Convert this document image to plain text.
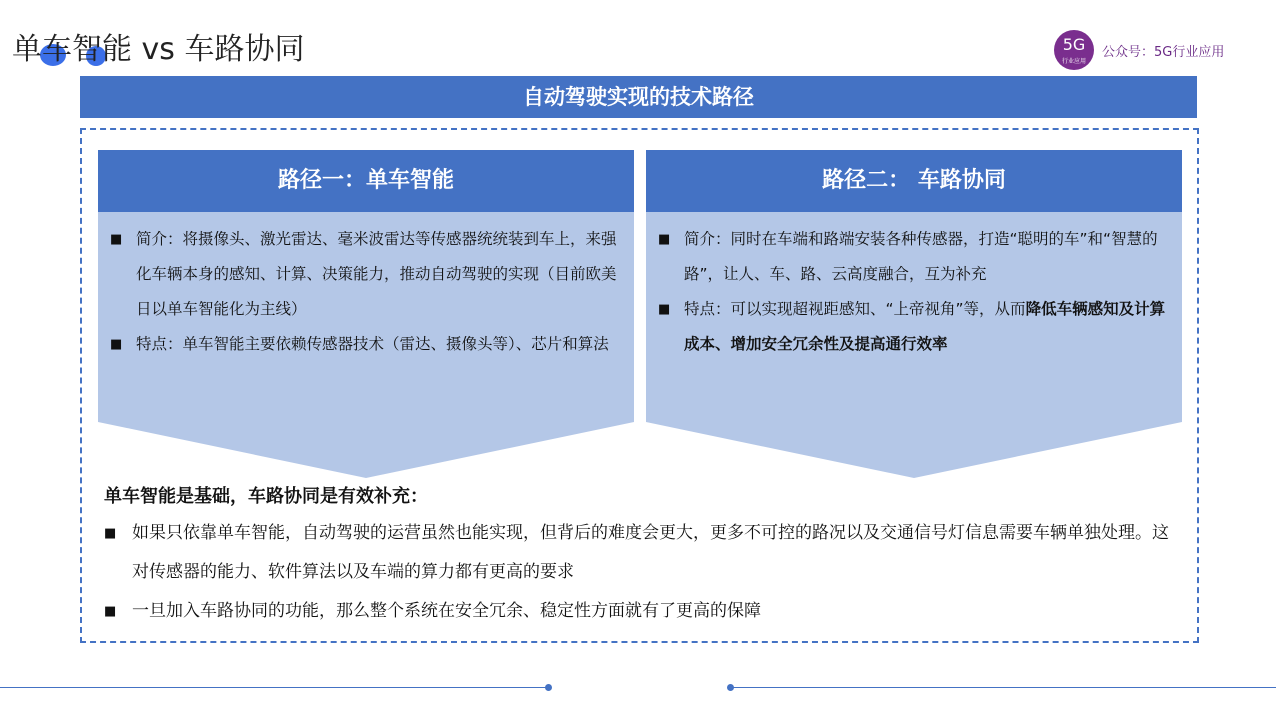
单车智能 vs 车路协同	5G
行业应用
公众号：5G行业应用
自动驾驶实现的技术路径
路径一：单车智能
■ 简介：将摄像头、激光雷达、毫米波雷达等传感器统统装到车上，来强化车辆本身的感知、计算、决策能力，推动自动驾驶的实现（目前欧美日以单车智能化为主线）
■ 特点：单车智能主要依赖传感器技术（雷达、摄像头等）、芯片和算法
路径二： 车路协同
■ 简介：同时在车端和路端安装各种传感器，打造“聪明的车”和“智慧的路”，让人、车、路、云高度融合，互为补充
■ 特点：可以实现超视距感知、“上帝视角”等，从而降低车辆感知及计算成本、增加安全冗余性及提高通行效率
单车智能是基础，车路协同是有效补充：
■ 如果只依靠单车智能，自动驾驶的运营虽然也能实现，但背后的难度会更大，更多不可控的路况以及交通信号灯信息需要车辆单独处理。这对传感器的能力、软件算法以及车端的算力都有更高的要求
■ 一旦加入车路协同的功能，那么整个系统在安全冗余、稳定性方面就有了更高的保障
